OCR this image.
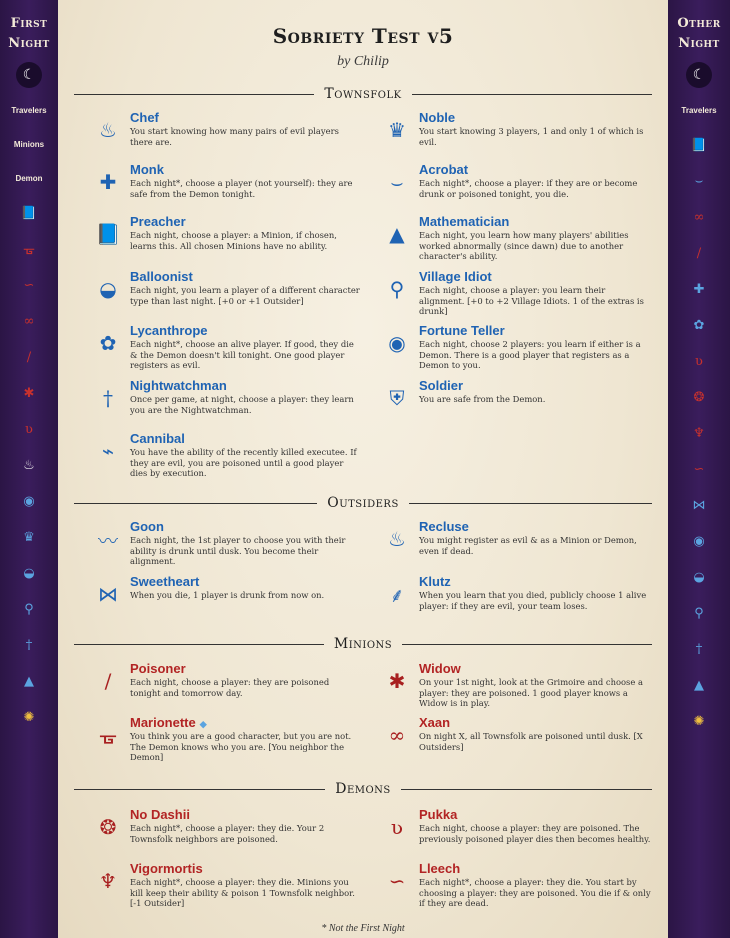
First
Night
☾
Travelers
Minions
Demon
📘
ᚗ
∽
∞
/
✱
ʋ
♨
◉
♛
◒
⚲
†
▲
✺
Sobriety Test v5
by Chilip
Townsfolk
♨
Chef
You start knowing how many pairs of evil players there are.	♛
Noble
You start knowing 3 players, 1 and only 1 of which is evil.
✚
Monk
Each night*, choose a player (not yourself): they are safe from the Demon tonight.	⌣
Acrobat
Each night*, choose a player: if they are or become drunk or poisoned tonight, you die.
📘
Preacher
Each night, choose a player: a Minion, if chosen, learns this. All chosen Minions have no ability.	▲
Mathematician
Each night, you learn how many players' abilities worked abnormally (since dawn) due to another character's ability.
◒
Balloonist
Each night, you learn a player of a different character type than last night. [+0 or +1 Outsider]	⚲
Village Idiot
Each night, choose a player: you learn their alignment. [+0 to +2 Village Idiots. 1 of the extras is drunk]
✿
Lycanthrope
Each night*, choose an alive player. If good, they die & the Demon doesn't kill tonight. One good player registers as evil.
◉
Fortune Teller
Each night, choose 2 players: you learn if either is a Demon. There is a good player that registers as a Demon to you.
†
Nightwatchman
Once per game, at night, choose a player: they learn you are the Nightwatchman.	⛨
Soldier
You are safe from the Demon.
⌁
Cannibal
You have the ability of the recently killed executee. If they are evil, you are poisoned until a good player dies by execution.
Outsiders
〰
Goon
Each night, the 1st player to choose you with their ability is drunk until dusk. You become their alignment.
♨
Recluse
You might register as evil & as a Minion or Demon, even if dead.
⋈
Sweetheart
When you die, 1 player is drunk from now on.	⸙
Klutz
When you learn that you died, publicly choose 1 alive player: if they are evil, your team loses.
Minions
/
Poisoner
Each night, choose a player: they are poisoned tonight and tomorrow day.	✱
Widow
On your 1st night, look at the Grimoire and choose a player: they are poisoned. 1 good player knows a Widow is in play.
ᚗ
Marionette ◆
You think you are a good character, but you are not. The Demon knows who you are. [You neighbor the Demon]
∞
Xaan
On night X, all Townsfolk are poisoned until dusk. [X Outsiders]
Demons
❂
No Dashii
Each night*, choose a player: they die. Your 2 Townsfolk neighbors are poisoned.	ʋ
Pukka
Each night, choose a player: they are poisoned. The previously poisoned player dies then becomes healthy.
♆
Vigormortis
Each night*, choose a player: they die. Minions you kill keep their ability & poison 1 Townsfolk neighbor. [-1 Outsider]
∽
Lleech
Each night*, choose a player: they die. You start by choosing a player: they are poisoned. You die if & only if they are dead.
* Not the First Night
Other
Night
☾
Travelers
📘
⌣
∞
/
✚
✿
ʋ
❂
♆
∽
⋈
◉
◒
⚲
†
▲
✺
